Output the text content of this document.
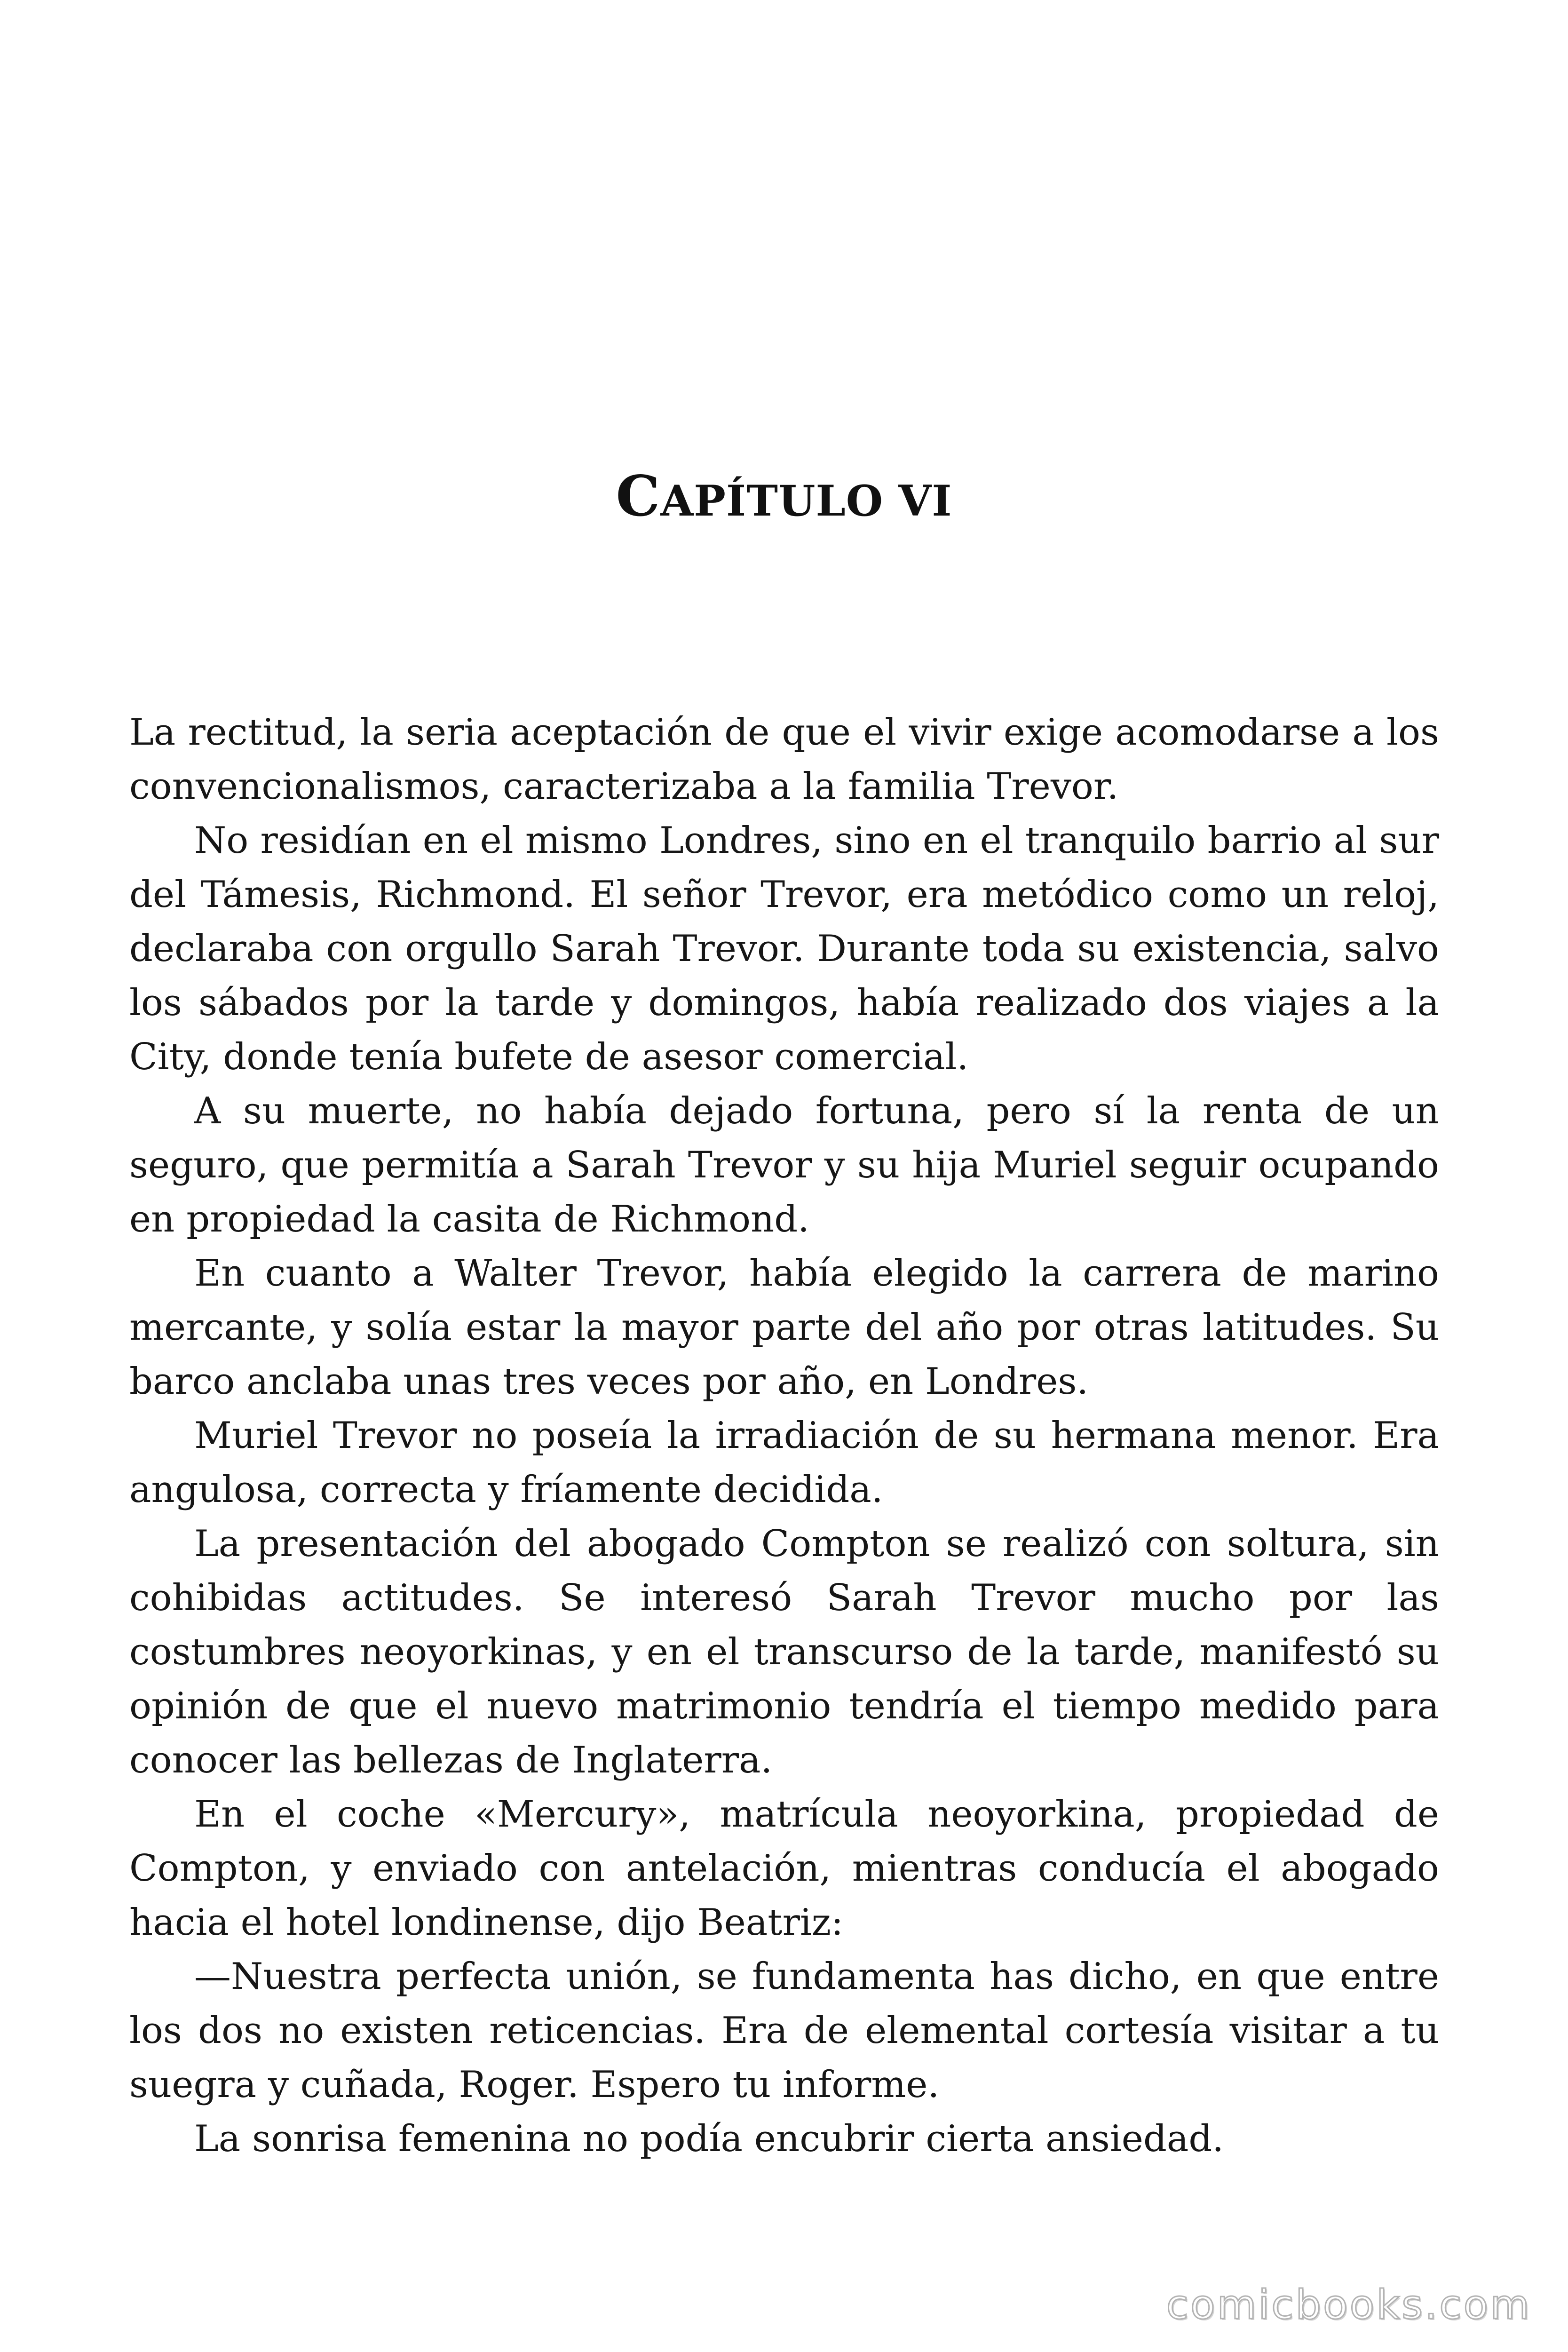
CAPÍTULO VI

La rectitud, la seria aceptación de que el vivir exige acomodarse a los convencionalismos, caracterizaba a la familia Trevor.

No residían en el mismo Londres, sino en el tranquilo barrio al sur del Támesis, Richmond. El señor Trevor, era metódico como un reloj, declaraba con orgullo Sarah Trevor. Durante toda su existencia, salvo los sábados por la tarde y domingos, había realizado dos viajes a la City, donde tenía bufete de asesor comercial.

A su muerte, no había dejado fortuna, pero sí la renta de un seguro, que permitía a Sarah Trevor y su hija Muriel seguir ocupando en propiedad la casita de Richmond.

En cuanto a Walter Trevor, había elegido la carrera de marino mercante, y solía estar la mayor parte del año por otras latitudes. Su barco anclaba unas tres veces por año, en Londres.

Muriel Trevor no poseía la irradiación de su hermana menor. Era angulosa, correcta y fríamente decidida.

La presentación del abogado Compton se realizó con soltura, sin cohibidas actitudes. Se interesó Sarah Trevor mucho por las costumbres neoyorkinas, y en el transcurso de la tarde, manifestó su opinión de que el nuevo matrimonio tendría el tiempo medido para conocer las bellezas de Inglaterra.

En el coche «Mercury», matrícula neoyorkina, propiedad de Compton, y enviado con antelación, mientras conducía el abogado hacia el hotel londinense, dijo Beatriz:

—Nuestra perfecta unión, se fundamenta has dicho, en que entre los dos no existen reticencias. Era de elemental cortesía visitar a tu suegra y cuñada, Roger. Espero tu informe.

La sonrisa femenina no podía encubrir cierta ansiedad.

comicbooks.com
